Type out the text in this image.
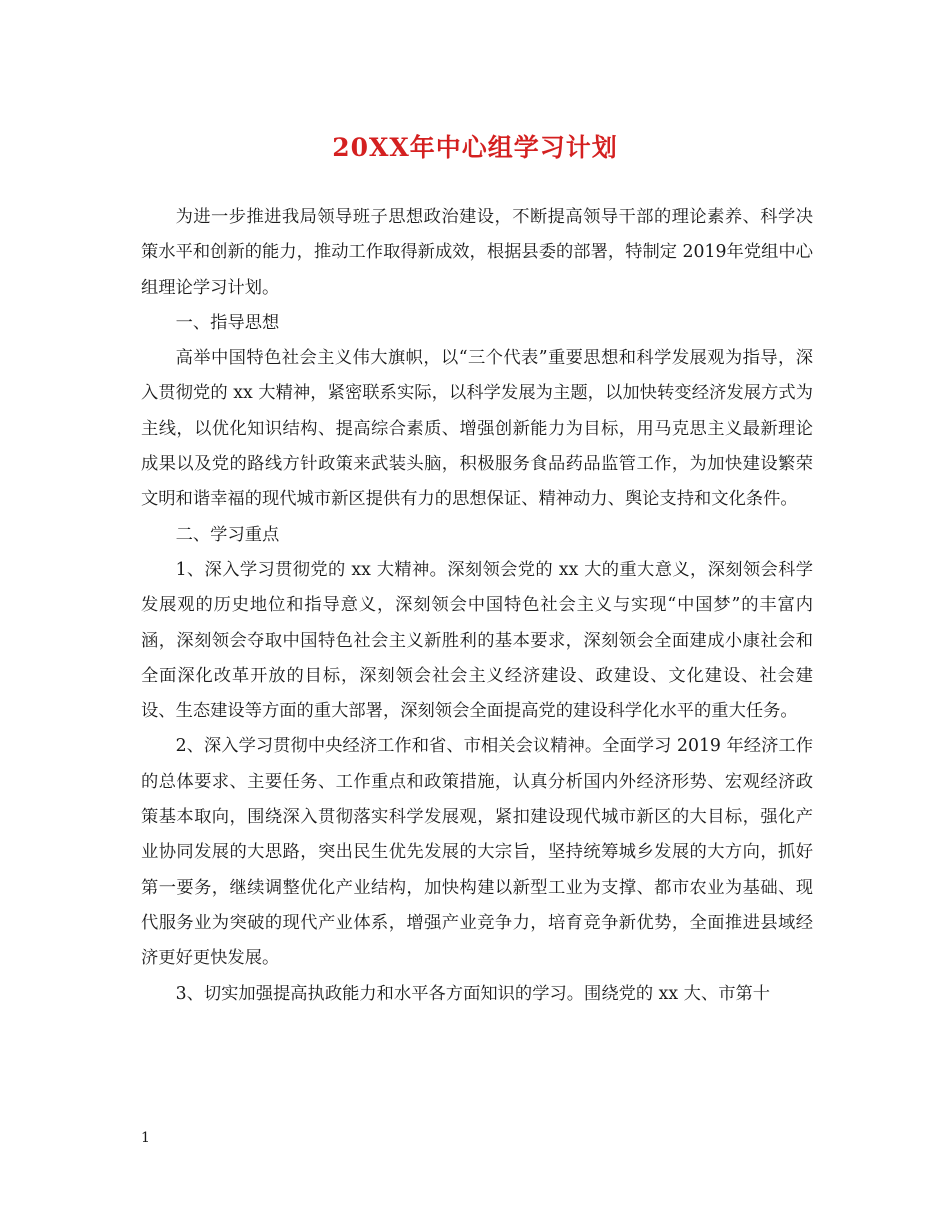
20XX年中心组学习计划

为进一步推进我局领导班子思想政治建设，不断提高领导干部的理论素养、科学决策水平和创新的能力，推动工作取得新成效，根据县委的部署，特制定 2019年党组中心组理论学习计划。

一、指导思想

高举中国特色社会主义伟大旗帜，以“三个代表”重要思想和科学发展观为指导，深入贯彻党的 xx 大精神，紧密联系实际，以科学发展为主题，以加快转变经济发展方式为主线，以优化知识结构、提高综合素质、增强创新能力为目标，用马克思主义最新理论成果以及党的路线方针政策来武装头脑，积极服务食品药品监管工作，为加快建设繁荣文明和谐幸福的现代城市新区提供有力的思想保证、精神动力、舆论支持和文化条件。

二、学习重点

1、深入学习贯彻党的 xx 大精神。深刻领会党的 xx 大的重大意义，深刻领会科学发展观的历史地位和指导意义，深刻领会中国特色社会主义与实现“中国梦”的丰富内涵，深刻领会夺取中国特色社会主义新胜利的基本要求，深刻领会全面建成小康社会和全面深化改革开放的目标，深刻领会社会主义经济建设、政建设、文化建设、社会建设、生态建设等方面的重大部署，深刻领会全面提高党的建设科学化水平的重大任务。

2、深入学习贯彻中央经济工作和省、市相关会议精神。全面学习 2019 年经济工作的总体要求、主要任务、工作重点和政策措施，认真分析国内外经济形势、宏观经济政策基本取向，围绕深入贯彻落实科学发展观，紧扣建设现代城市新区的大目标，强化产业协同发展的大思路，突出民生优先发展的大宗旨，坚持统筹城乡发展的大方向，抓好第一要务，继续调整优化产业结构，加快构建以新型工业为支撑、都市农业为基础、现代服务业为突破的现代产业体系，增强产业竞争力，培育竞争新优势，全面推进县域经济更好更快发展。

3、切实加强提高执政能力和水平各方面知识的学习。围绕党的 xx 大、市第十

1
